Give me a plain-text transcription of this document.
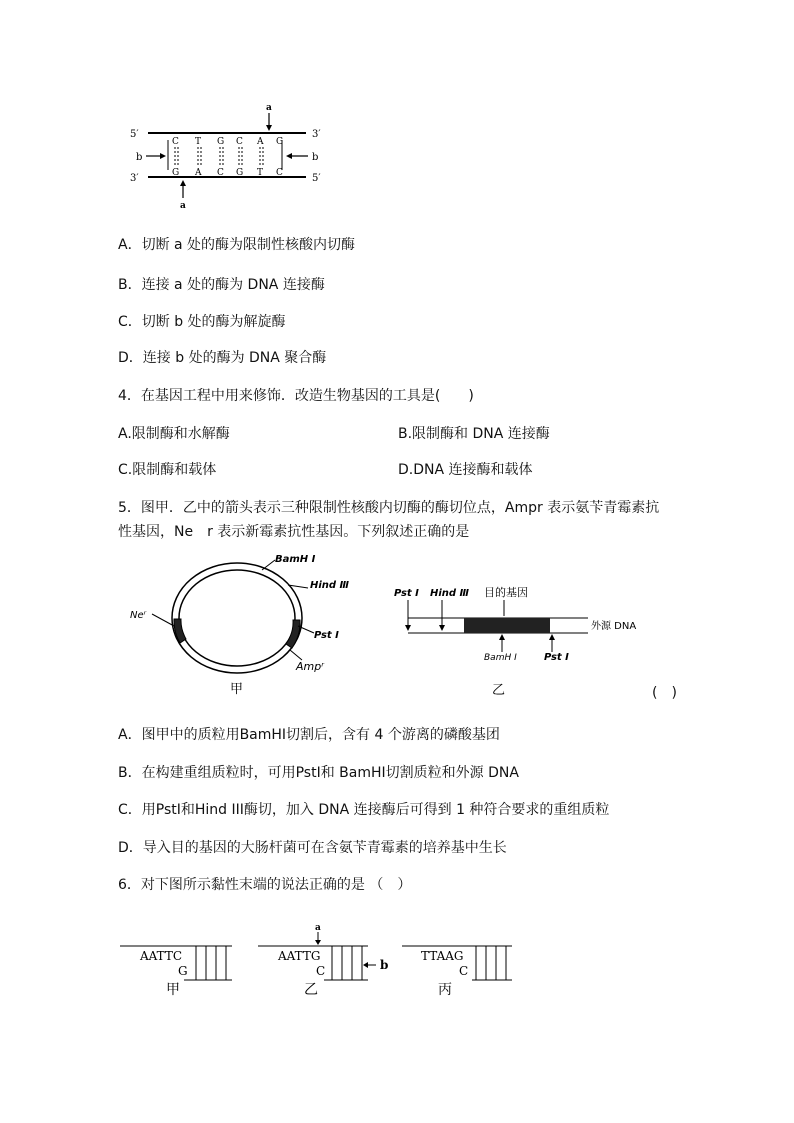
5′	3′
3′	5′
C T G C A G
G A C G T C
a
a
b	b
A．切断 a 处的酶为限制性核酸内切酶
B．连接 a 处的酶为 DNA 连接酶
C．切断 b 处的酶为解旋酶
D．连接 b 处的酶为 DNA 聚合酶
4．在基因工程中用来修饰．改造生物基因的工具是(　　)
A.限制酶和水解酶	B.限制酶和 DNA 连接酶
C.限制酶和载体	D.DNA 连接酶和载体
5．图甲．乙中的箭头表示三种限制性核酸内切酶的酶切位点，Ampr 表示氨苄青霉素抗
性基因，Ne　r 表示新霉素抗性基因。下列叙述正确的是
BamH Ⅰ
Hind Ⅲ
Pst Ⅰ
Neʳ
Ampʳ
甲
Pst Ⅰ Hind Ⅲ 目的基因
外源 DNA
BamH Ⅰ	Pst Ⅰ
乙	(　)
A．图甲中的质粒用BamHⅠ切割后，含有 4 个游离的磷酸基团
B．在构建重组质粒时，可用PstⅠ和 BamHⅠ切割质粒和外源 DNA
C．用PstⅠ和Hind III酶切，加入 DNA 连接酶后可得到 1 种符合要求的重组质粒
D．导入目的基因的大肠杆菌可在含氨苄青霉素的培养基中生长
6．对下图所示黏性末端的说法正确的是 （　）
AATTC
G
甲
a
AATTG
C	b
乙
TTAAG
C
丙
